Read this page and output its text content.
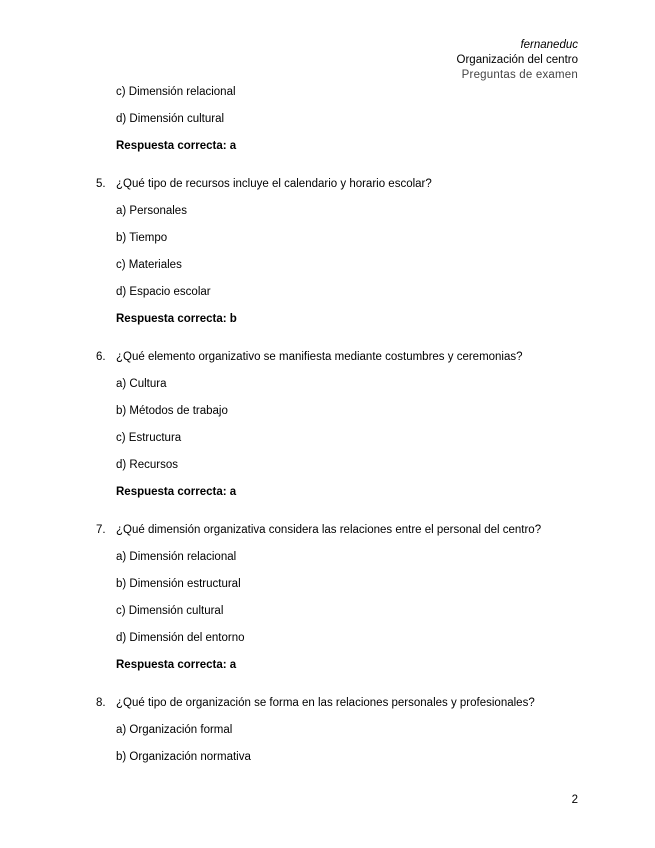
fernaneduc
Organización del centro
Preguntas de examen
c) Dimensión relacional
d) Dimensión cultural
Respuesta correcta: a
5. ¿Qué tipo de recursos incluye el calendario y horario escolar?
a) Personales
b) Tiempo
c) Materiales
d) Espacio escolar
Respuesta correcta: b
6. ¿Qué elemento organizativo se manifiesta mediante costumbres y ceremonias?
a) Cultura
b) Métodos de trabajo
c) Estructura
d) Recursos
Respuesta correcta: a
7. ¿Qué dimensión organizativa considera las relaciones entre el personal del centro?
a) Dimensión relacional
b) Dimensión estructural
c) Dimensión cultural
d) Dimensión del entorno
Respuesta correcta: a
8. ¿Qué tipo de organización se forma en las relaciones personales y profesionales?
a) Organización formal
b) Organización normativa
2
